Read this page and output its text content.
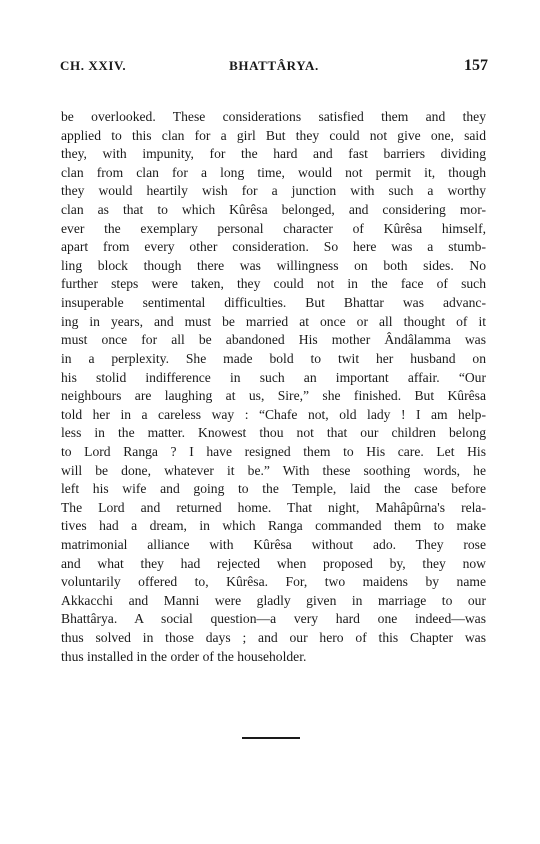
CH. XXIV.	BHATTÂRYA.	157
be overlooked. These considerations satisfied them and they
applied to this clan for a girl But they could not give one, said
they, with impunity, for the hard and fast barriers dividing
clan from clan for a long time, would not permit it, though
they would heartily wish for a junction with such a worthy
clan as that to which Kûrêsa belonged, and considering mor-
ever the exemplary personal character of Kûrêsa himself,
apart from every other consideration. So here was a stumb-
ling block though there was willingness on both sides. No
further steps were taken, they could not in the face of such
insuperable sentimental difficulties. But Bhattar was advanc-
ing in years, and must be married at once or all thought of it
must once for all be abandoned His mother Ândâlamma was
in a perplexity. She made bold to twit her husband on
his stolid indifference in such an important affair. “Our
neighbours are laughing at us, Sire,” she finished. But Kûrêsa
told her in a careless way : “Chafe not, old lady ! I am help-
less in the matter. Knowest thou not that our children belong
to Lord Ranga ? I have resigned them to His care. Let His
will be done, whatever it be.” With these soothing words, he
left his wife and going to the Temple, laid the case before
The Lord and returned home. That night, Mahâpûrna's rela-
tives had a dream, in which Ranga commanded them to make
matrimonial alliance with Kûrêsa without ado. They rose
and what they had rejected when proposed by, they now
voluntarily offered to, Kûrêsa. For, two maidens by name
Akkacchi and Manni were gladly given in marriage to our
Bhattârya. A social question—a very hard one indeed—was
thus solved in those days ; and our hero of this Chapter was
thus installed in the order of the householder.
